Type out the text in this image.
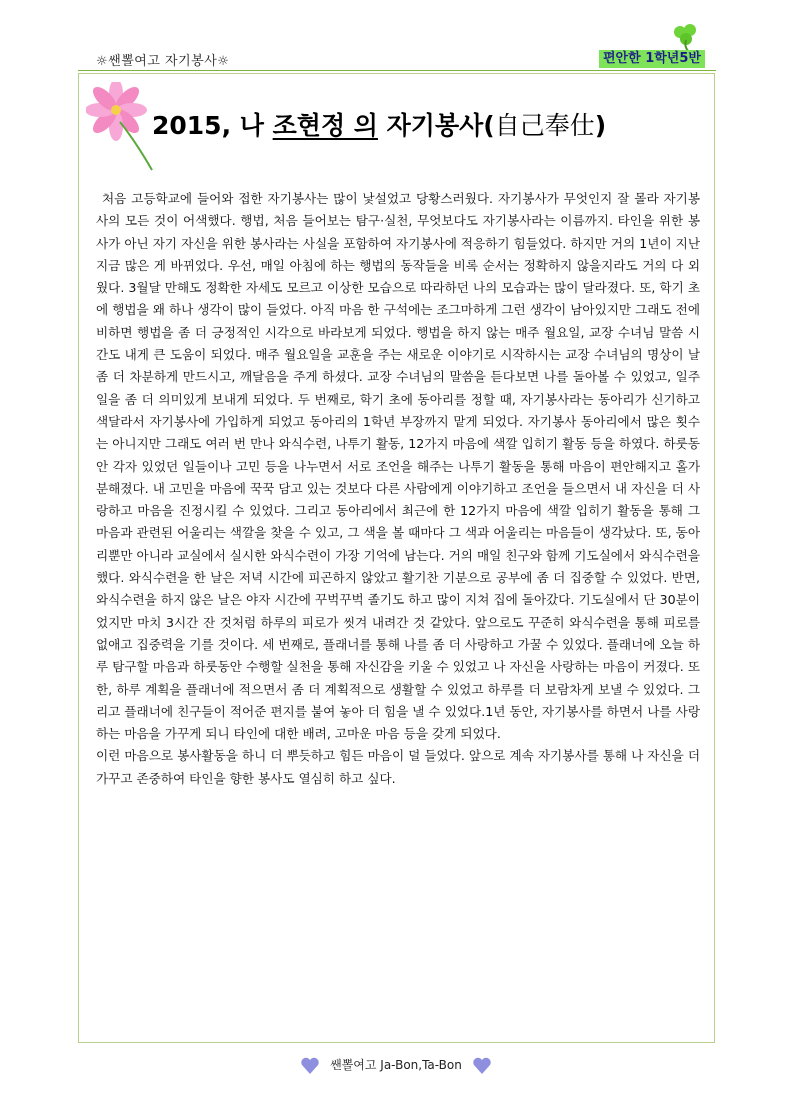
☼쌘뽈여고 자기봉사☼	편안한 1학년5반
2015, 나 조현정 의 자기봉사(自己奉仕)

처음 고등학교에 들어와 접한 자기봉사는 많이 낯설었고 당황스러웠다. 자기봉사가 무엇인지 잘 몰라 자기봉사의 모든 것이 어색했다. 행법, 처음 들어보는 탐구·실천, 무엇보다도 자기봉사라는 이름까지. 타인을 위한 봉사가 아닌 자기 자신을 위한 봉사라는 사실을 포함하여 자기봉사에 적응하기 힘들었다. 하지만 거의 1년이 지난 지금 많은 게 바뀌었다. 우선, 매일 아침에 하는 행법의 동작들을 비록 순서는 정확하지 않을지라도 거의 다 외웠다. 3월달 만해도 정확한 자세도 모르고 이상한 모습으로 따라하던 나의 모습과는 많이 달라졌다. 또, 학기 초에 행법을 왜 하나 생각이 많이 들었다. 아직 마음 한 구석에는 조그마하게 그런 생각이 남아있지만 그래도 전에 비하면 행법을 좀 더 긍정적인 시각으로 바라보게 되었다. 행법을 하지 않는 매주 월요일, 교장 수녀님 말씀 시간도 내게 큰 도움이 되었다. 매주 월요일을 교훈을 주는 새로운 이야기로 시작하시는 교장 수녀님의 명상이 날 좀 더 차분하게 만드시고, 깨달음을 주게 하셨다. 교장 수녀님의 말씀을 듣다보면 나를 돌아볼 수 있었고, 일주일을 좀 더 의미있게 보내게 되었다. 두 번째로, 학기 초에 동아리를 정할 때, 자기봉사라는 동아리가 신기하고 색달라서 자기봉사에 가입하게 되었고 동아리의 1학년 부장까지 맡게 되었다. 자기봉사 동아리에서 많은 횟수는 아니지만 그래도 여러 번 만나 와식수련, 나투기 활동, 12가지 마음에 색깔 입히기 활동 등을 하였다. 하룻동안 각자 있었던 일들이나 고민 등을 나누면서 서로 조언을 해주는 나투기 활동을 통해 마음이 편안해지고 홀가분해졌다. 내 고민을 마음에 꾹꾹 담고 있는 것보다 다른 사람에게 이야기하고 조언을 들으면서 내 자신을 더 사랑하고 마음을 진정시킬 수 있었다. 그리고 동아리에서 최근에 한 12가지 마음에 색깔 입히기 활동을 통해 그 마음과 관련된 어울리는 색깔을 찾을 수 있고, 그 색을 볼 때마다 그 색과 어울리는 마음들이 생각났다. 또, 동아리뿐만 아니라 교실에서 실시한 와식수련이 가장 기억에 남는다. 거의 매일 친구와 함께 기도실에서 와식수련을 했다. 와식수련을 한 날은 저녁 시간에 피곤하지 않았고 활기찬 기분으로 공부에 좀 더 집중할 수 있었다. 반면, 와식수련을 하지 않은 날은 야자 시간에 꾸벅꾸벅 졸기도 하고 많이 지쳐 집에 돌아갔다. 기도실에서 단 30분이었지만 마치 3시간 잔 것처럼 하루의 피로가 씻겨 내려간 것 같았다. 앞으로도 꾸준히 와식수련을 통해 피로를 없애고 집중력을 기를 것이다. 세 번째로, 플래너를 통해 나를 좀 더 사랑하고 가꿀 수 있었다. 플래너에 오늘 하루 탐구할 마음과 하룻동안 수행할 실천을 통해 자신감을 키울 수 있었고 나 자신을 사랑하는 마음이 커졌다. 또한, 하루 계획을 플래너에 적으면서 좀 더 계획적으로 생활할 수 있었고 하루를 더 보람차게 보낼 수 있었다. 그리고 플래너에 친구들이 적어준 편지를 붙여 놓아 더 힘을 낼 수 있었다.1년 동안, 자기봉사를 하면서 나를 사랑하는 마음을 가꾸게 되니 타인에 대한 배려, 고마운 마음 등을 갖게 되었다.

이런 마음으로 봉사활동을 하니 더 뿌듯하고 힘든 마음이 덜 들었다. 앞으로 계속 자기봉사를 통해 나 자신을 더 가꾸고 존중하여 타인을 향한 봉사도 열심히 하고 싶다.

쌘뽈여고 Ja-Bon,Ta-Bon
